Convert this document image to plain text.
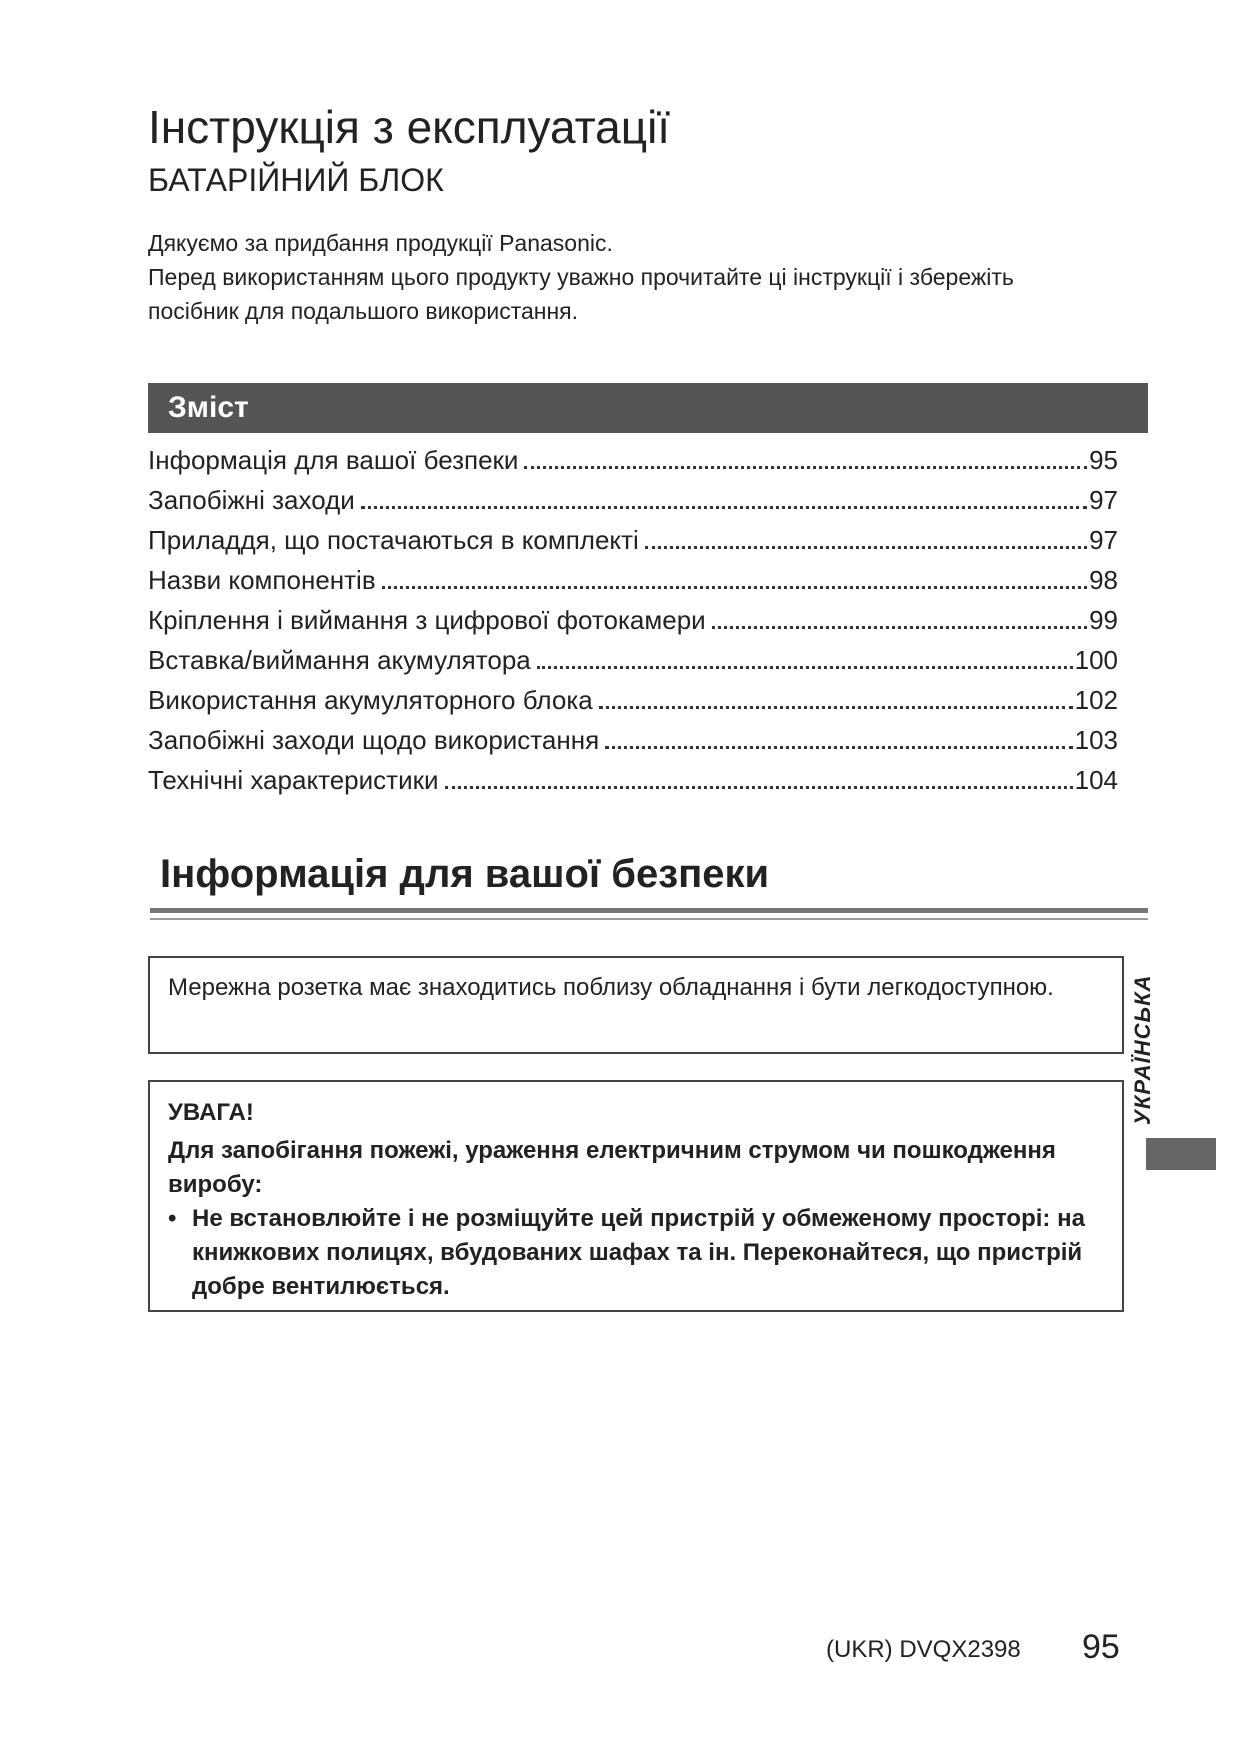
Інструкція з експлуатації
БАТАРІЙНИЙ БЛОК
Дякуємо за придбання продукції Panasonic.
Перед використанням цього продукту уважно прочитайте ці інструкції і збережіть посібник для подальшого використання.
Зміст
Інформація для вашої безпеки	95
Запобіжні заходи	97
Приладдя, що постачаються в комплекті	97
Назви компонентів	98
Кріплення і виймання з цифрової фотокамери	99
Вставка/виймання акумулятора	100
Використання акумуляторного блока	102
Запобіжні заходи щодо використання	103
Технічні характеристики	104
Інформація для вашої безпеки
Мережна розетка має знаходитись поблизу обладнання і бути легкодоступною.
УВАГА!
Для запобігання пожежі, ураження електричним струмом чи пошкодження виробу:
• Не встановлюйте і не розміщуйте цей пристрій у обмеженому просторі: на книжкових полицях, вбудованих шафах та ін. Переконайтеся, що пристрій добре вентилюється.
УКРАЇНСЬКА
(UKR) DVQX2398 95
